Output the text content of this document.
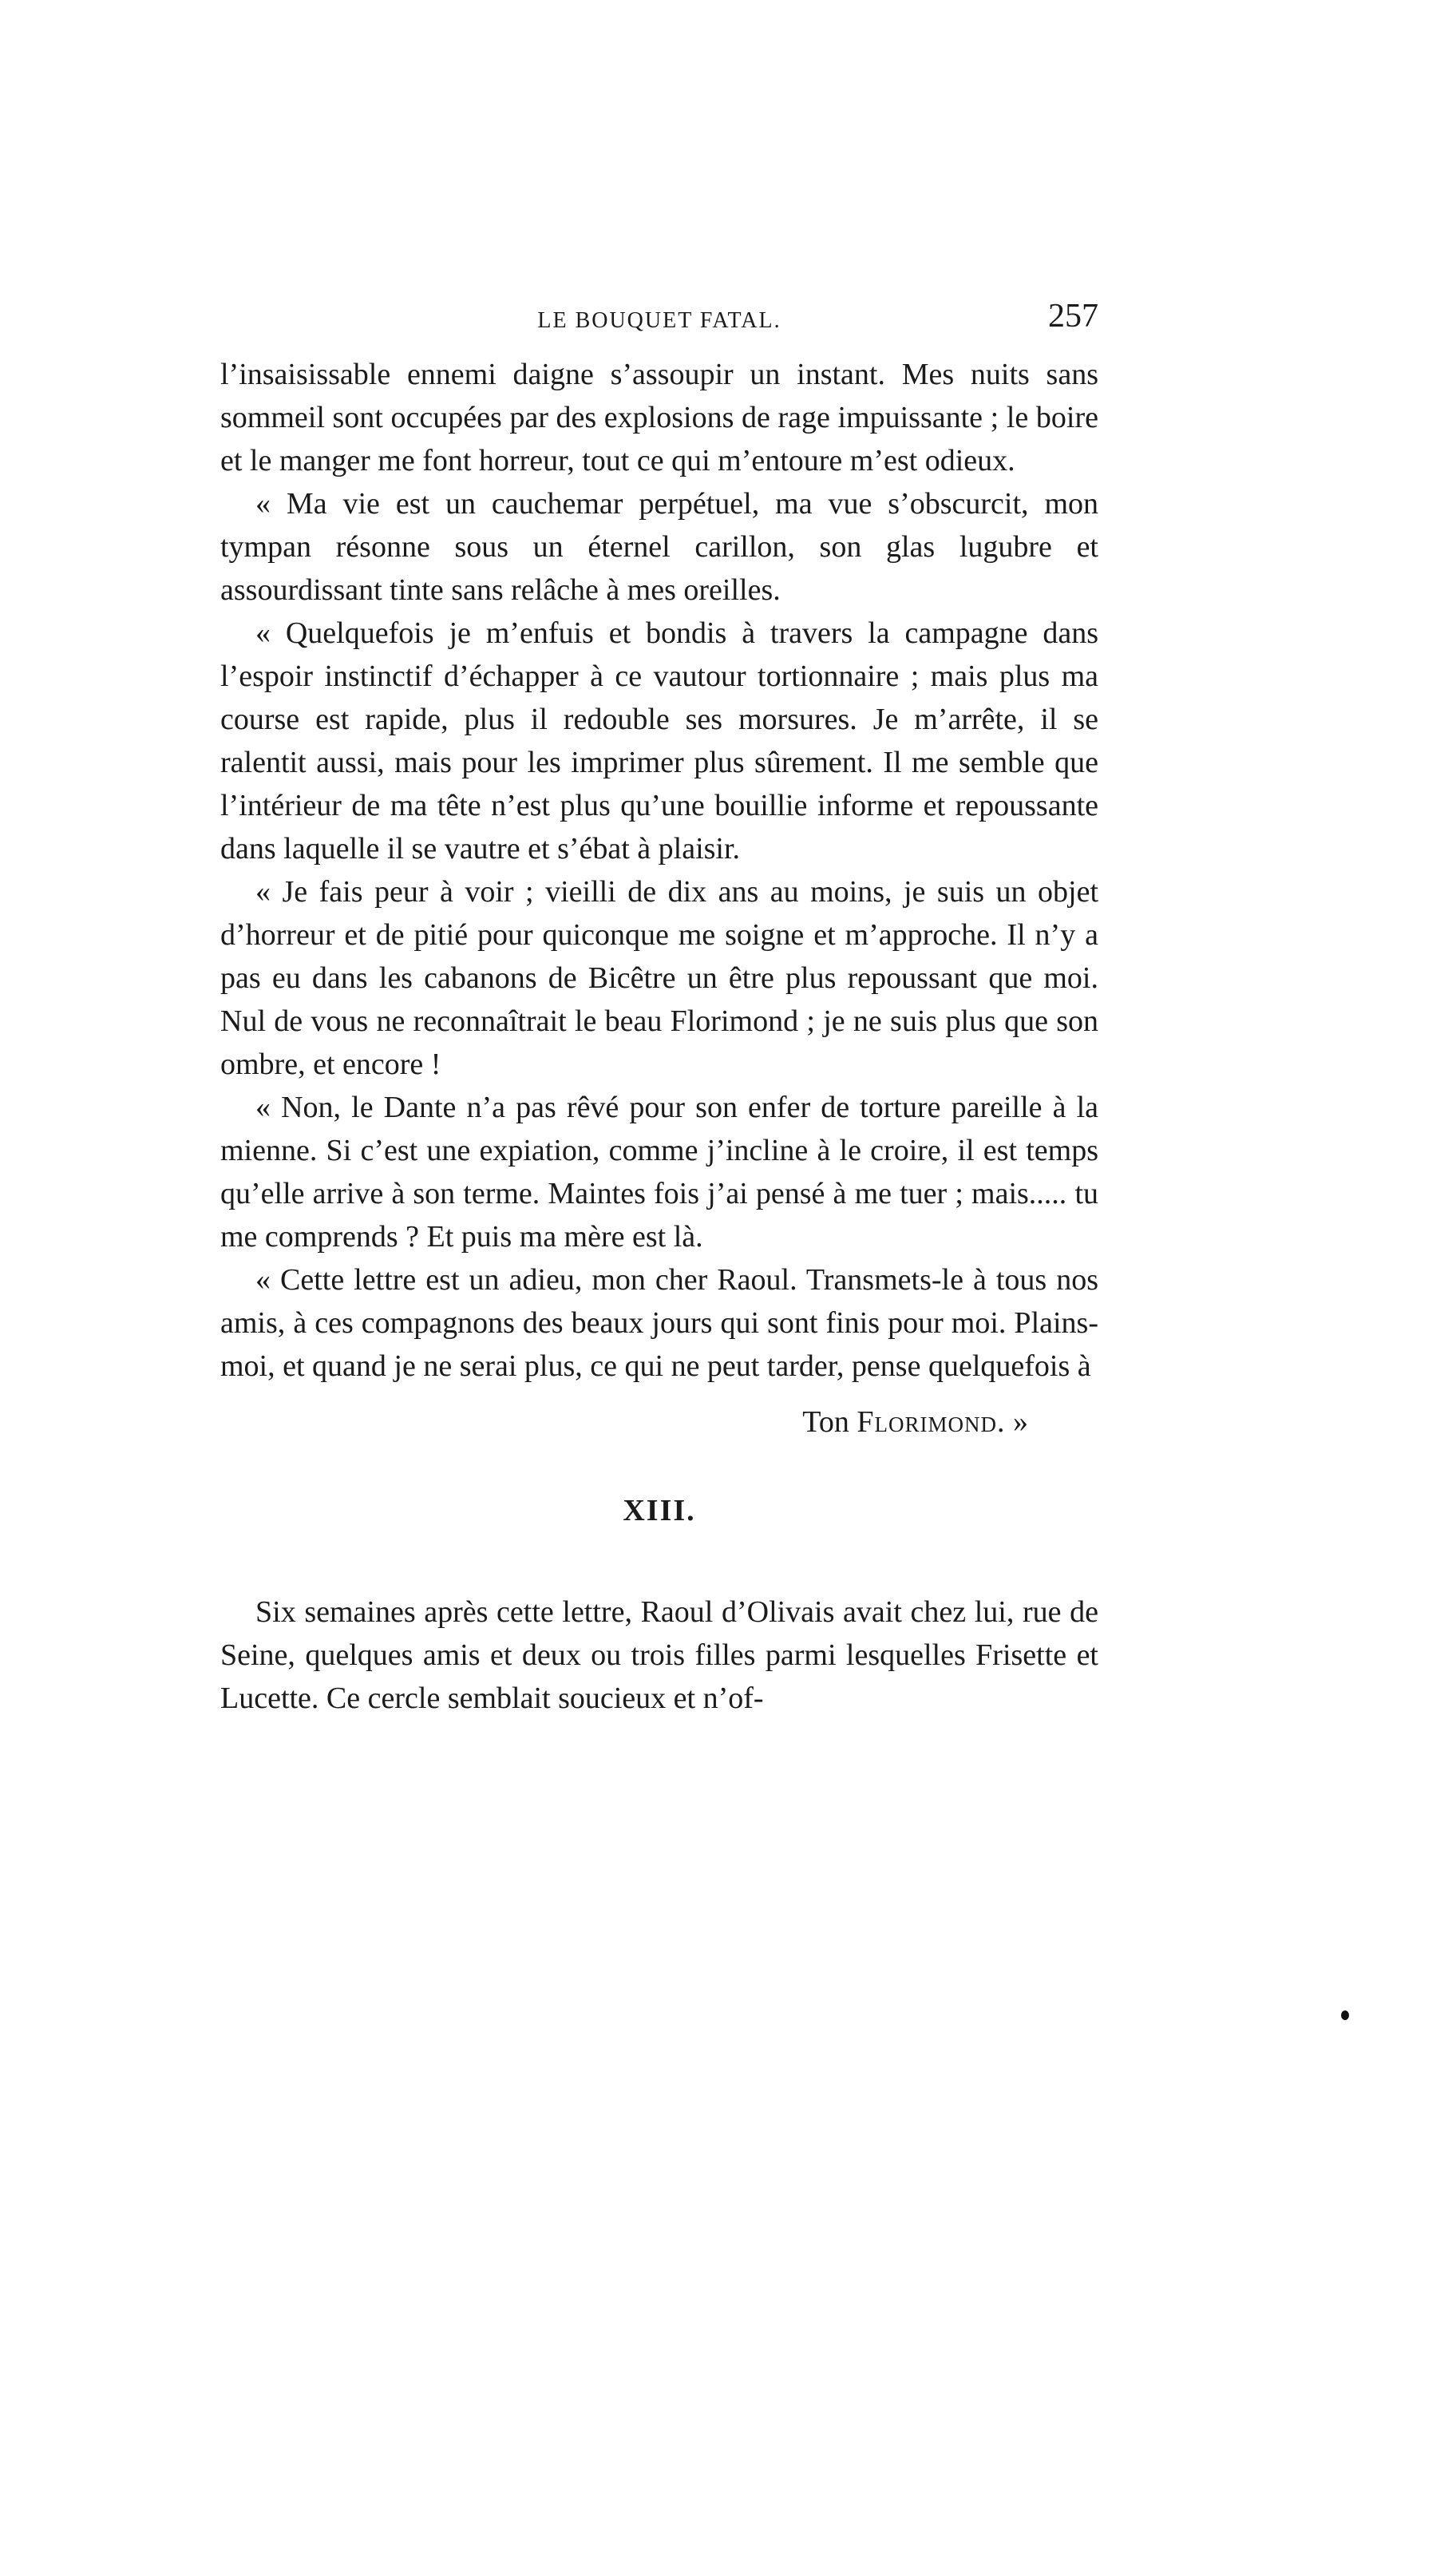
LE BOUQUET FATAL.	257

l’insaisissable ennemi daigne s’assoupir un instant. Mes nuits sans sommeil sont occupées par des explosions de rage impuissante ; le boire et le manger me font horreur, tout ce qui m’entoure m’est odieux.

« Ma vie est un cauchemar perpétuel, ma vue s’obscurcit, mon tympan résonne sous un éternel carillon, son glas lugubre et assourdissant tinte sans relâche à mes oreilles.

« Quelquefois je m’enfuis et bondis à travers la campagne dans l’espoir instinctif d’échapper à ce vautour tortionnaire ; mais plus ma course est rapide, plus il redouble ses morsures. Je m’arrête, il se ralentit aussi, mais pour les imprimer plus sûrement. Il me semble que l’intérieur de ma tête n’est plus qu’une bouillie informe et repoussante dans laquelle il se vautre et s’ébat à plaisir.

« Je fais peur à voir ; vieilli de dix ans au moins, je suis un objet d’horreur et de pitié pour quiconque me soigne et m’approche. Il n’y a pas eu dans les cabanons de Bicêtre un être plus repoussant que moi. Nul de vous ne reconnaîtrait le beau Florimond ; je ne suis plus que son ombre, et encore !

« Non, le Dante n’a pas rêvé pour son enfer de torture pareille à la mienne. Si c’est une expiation, comme j’incline à le croire, il est temps qu’elle arrive à son terme. Maintes fois j’ai pensé à me tuer ; mais..... tu me comprends ? Et puis ma mère est là.

« Cette lettre est un adieu, mon cher Raoul. Transmets-le à tous nos amis, à ces compagnons des beaux jours qui sont finis pour moi. Plains-moi, et quand je ne serai plus, ce qui ne peut tarder, pense quelquefois à

Ton Florimond. »
XIII.

Six semaines après cette lettre, Raoul d’Olivais avait chez lui, rue de Seine, quelques amis et deux ou trois filles parmi lesquelles Frisette et Lucette. Ce cercle semblait soucieux et n’of-
